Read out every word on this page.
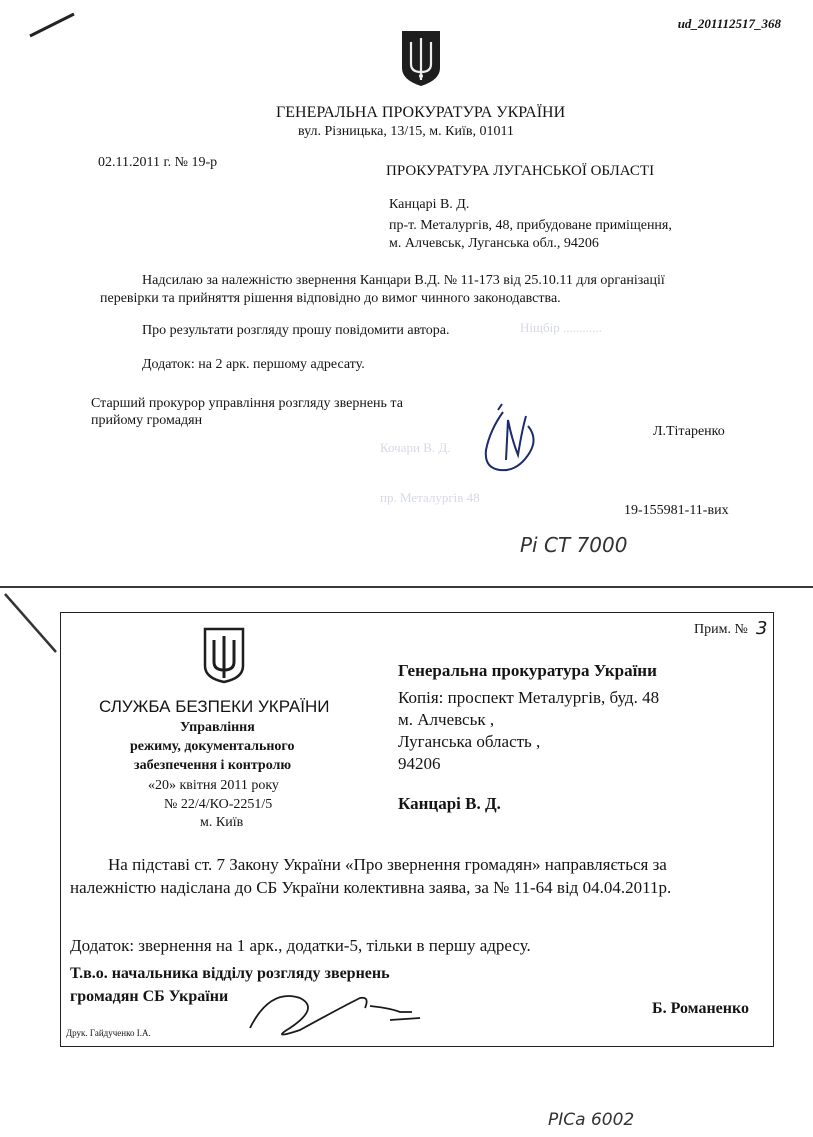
ud_201112517_368
ГЕНЕРАЛЬНА ПРОКУРАТУРА УКРАЇНИ
вул. Різницька, 13/15, м. Київ, 01011
02.11.2011 г. № 19-р
ПРОКУРАТУРА ЛУГАНСЬКОЇ ОБЛАСТІ
Канцарі В. Д.
пр-т. Металургів, 48, прибудоване приміщення,
м. Алчевськ, Луганська обл., 94206
Ніщбір ............
Кочари В. Д.
пр. Металургів 48
Надсилаю за належністю звернення Канцари В.Д. № 11-173 від 25.10.11 для організації
перевірки та прийняття рішення відповідно до вимог чинного законодавства.
Про результати розгляду прошу повідомити автора.
Додаток: на 2 арк. першому адресату.
Старший прокурор управління розгляду звернень та
прийому громадян
Л.Тітаренко
19-155981-11-вих
Рі СТ 7000
Прим. № 3
СЛУЖБА БЕЗПЕКИ УКРАЇНИ
Управління
режиму, документального
забезпечення і контролю
«20» квітня 2011 року
№ 22/4/КО-2251/5
м. Київ
Генеральна прокуратура України
Копія: проспект Металургів, буд. 48
м. Алчевськ ,
Луганська область ,
94206
Канцарі В. Д.
На підставі ст. 7 Закону України «Про звернення громадян» направляється за
належністю надіслана до СБ України колективна заява, за № 11-64 від 04.04.2011р.
Додаток: звернення на 1 арк., додатки-5, тільки в першу адресу.
Т.в.о. начальника відділу розгляду звернень
громадян СБ України
Б. Романенко
Друк. Гайдученко І.А.
РІСа 6002
